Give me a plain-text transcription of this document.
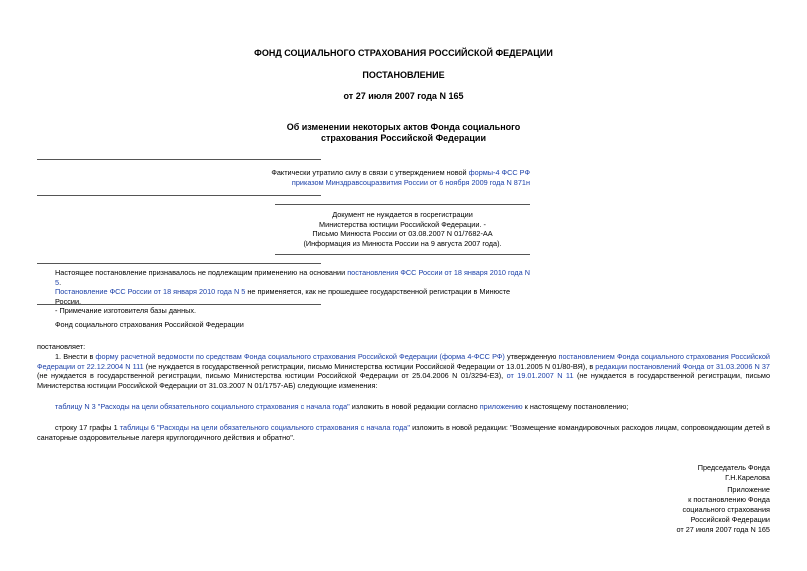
ФОНД СОЦИАЛЬНОГО СТРАХОВАНИЯ РОССИЙСКОЙ ФЕДЕРАЦИИ
ПОСТАНОВЛЕНИЕ
от 27 июля 2007 года N 165
Об изменении некоторых актов Фонда социального
страхования Российской Федерации
Фактически утратило силу в связи с утверждением новой формы-4 ФСС РФ
приказом Минздравсоцразвития России от 6 ноября 2009 года N 871н
Документ не нуждается в госрегистрации
Министерства юстиции Российской Федерации. -
Письмо Минюста России от 03.08.2007 N 01/7682-АА
(Информация из Минюста России на 9 августа 2007 года).
Настоящее постановление признавалось не подлежащим применению на основании постановления ФСС России от 18 января 2010 года N 5.
Постановление ФСС России от 18 января 2010 года N 5 не применяется, как не прошедшее государственной регистрации в Минюсте России.
- Примечание изготовителя базы данных.
Фонд социального страхования Российской Федерации
постановляет:
1. Внести в форму расчетной ведомости по средствам Фонда социального страхования Российской Федерации (форма 4-ФСС РФ) утвержденную постановлением Фонда социального страхования Российской Федерации от 22.12.2004 N 111 (не нуждается в государственной регистрации, письмо Министерства юстиции Российской Федерации от 13.01.2005 N 01/80-ВЯ), в редакции постановлений Фонда от 31.03.2006 N 37 (не нуждается в государственной регистрации, письмо Министерства юстиции Российской Федерации от 25.04.2006 N 01/3294-ЕЗ), от 19.01.2007 N 11 (не нуждается в государственной регистрации, письмо Министерства юстиции Российской Федерации от 31.03.2007 N 01/1757-АБ) следующие изменения:
таблицу N 3 "Расходы на цели обязательного социального страхования с начала года" изложить в новой редакции согласно приложению к настоящему постановлению;
строку 17 графы 1 таблицы 6 "Расходы на цели обязательного социального страхования с начала года" изложить в новой редакции: "Возмещение командировочных расходов лицам, сопровождающим детей в санаторные оздоровительные лагеря круглогодичного действия и обратно".
Председатель Фонда
Г.Н.Карелова
Приложение
к постановлению Фонда
социального страхования
Российской Федерации
от 27 июля 2007 года N 165
